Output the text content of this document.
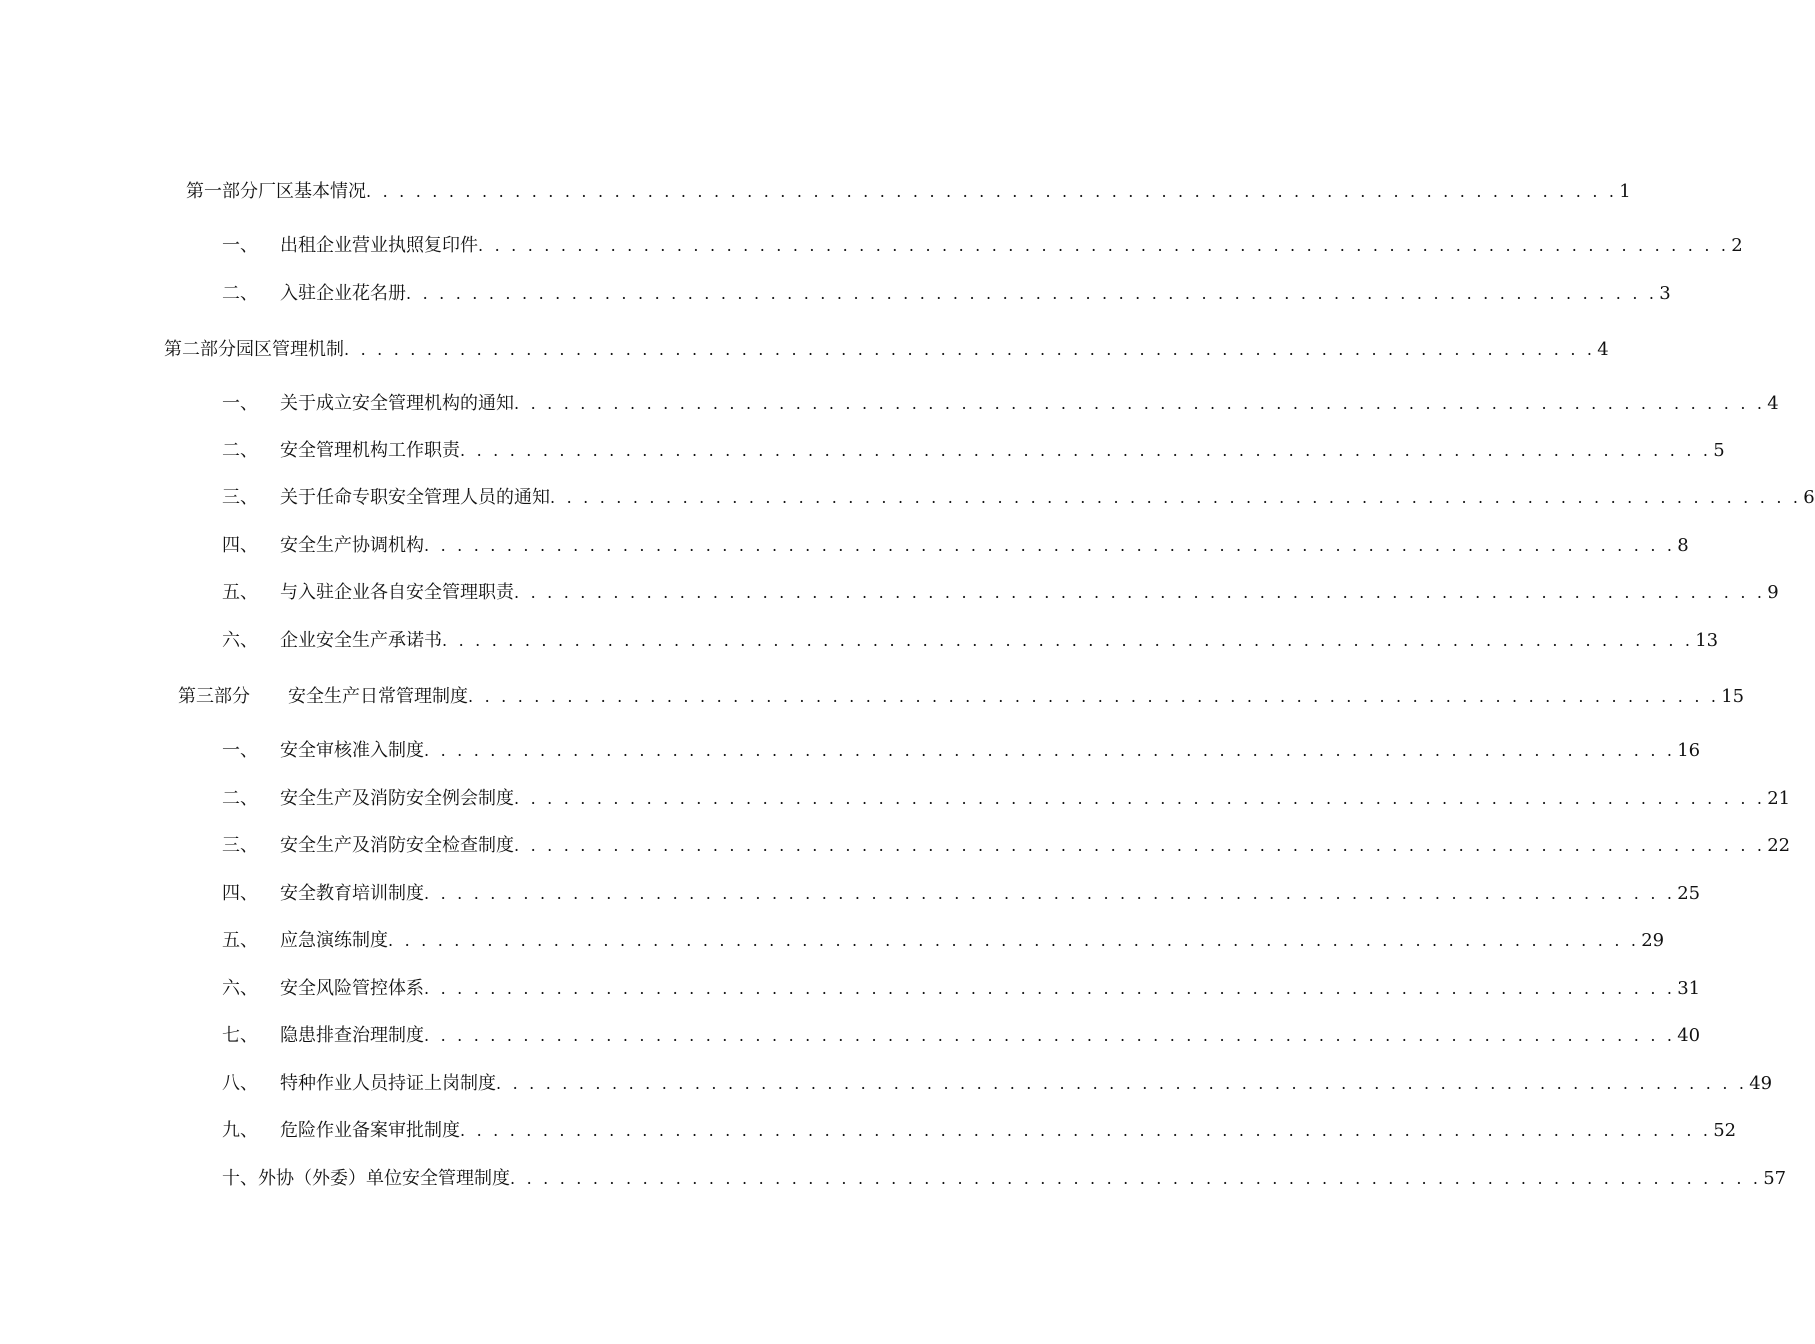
第一部分厂区基本情况 . . . . . . . . . . . . . . . . . . . . . . . . . . . . . . . . . . . . . . . . . . . . . . . . . . . . . . . . . . . . . . . . . . . . . . . . . . . . 1
一、	出租企业营业执照复印件 . . . . . . . . . . . . . . . . . . . . . . . . . . . . . . . . . . . . . . . . . . . . . . . . . . . . . . . . . . . . . . . . . . . . . . . . . . . . 2
二、	入驻企业花名册 . . . . . . . . . . . . . . . . . . . . . . . . . . . . . . . . . . . . . . . . . . . . . . . . . . . . . . . . . . . . . . . . . . . . . . . . . . . . 3
第二部分园区管理机制 . . . . . . . . . . . . . . . . . . . . . . . . . . . . . . . . . . . . . . . . . . . . . . . . . . . . . . . . . . . . . . . . . . . . . . . . . . . . 4
一、	关于成立安全管理机构的通知 . . . . . . . . . . . . . . . . . . . . . . . . . . . . . . . . . . . . . . . . . . . . . . . . . . . . . . . . . . . . . . . . . . . . . . . . . . . . 4
二、	安全管理机构工作职责 . . . . . . . . . . . . . . . . . . . . . . . . . . . . . . . . . . . . . . . . . . . . . . . . . . . . . . . . . . . . . . . . . . . . . . . . . . . . 5
三、	关于任命专职安全管理人员的通知 . . . . . . . . . . . . . . . . . . . . . . . . . . . . . . . . . . . . . . . . . . . . . . . . . . . . . . . . . . . . . . . . . . . . . . . . . . . . 6
四、	安全生产协调机构 . . . . . . . . . . . . . . . . . . . . . . . . . . . . . . . . . . . . . . . . . . . . . . . . . . . . . . . . . . . . . . . . . . . . . . . . . . . . 8
五、	与入驻企业各自安全管理职责 . . . . . . . . . . . . . . . . . . . . . . . . . . . . . . . . . . . . . . . . . . . . . . . . . . . . . . . . . . . . . . . . . . . . . . . . . . . . 9
六、	企业安全生产承诺书 . . . . . . . . . . . . . . . . . . . . . . . . . . . . . . . . . . . . . . . . . . . . . . . . . . . . . . . . . . . . . . . . . . . . . . . . . . . . 13
第三部分	安全生产日常管理制度 . . . . . . . . . . . . . . . . . . . . . . . . . . . . . . . . . . . . . . . . . . . . . . . . . . . . . . . . . . . . . . . . . . . . . . . . . . . . 15
一、	安全审核准入制度 . . . . . . . . . . . . . . . . . . . . . . . . . . . . . . . . . . . . . . . . . . . . . . . . . . . . . . . . . . . . . . . . . . . . . . . . . . . . 16
二、	安全生产及消防安全例会制度 . . . . . . . . . . . . . . . . . . . . . . . . . . . . . . . . . . . . . . . . . . . . . . . . . . . . . . . . . . . . . . . . . . . . . . . . . . . . 21
三、	安全生产及消防安全检查制度 . . . . . . . . . . . . . . . . . . . . . . . . . . . . . . . . . . . . . . . . . . . . . . . . . . . . . . . . . . . . . . . . . . . . . . . . . . . . 22
四、	安全教育培训制度 . . . . . . . . . . . . . . . . . . . . . . . . . . . . . . . . . . . . . . . . . . . . . . . . . . . . . . . . . . . . . . . . . . . . . . . . . . . . 25
五、	应急演练制度 . . . . . . . . . . . . . . . . . . . . . . . . . . . . . . . . . . . . . . . . . . . . . . . . . . . . . . . . . . . . . . . . . . . . . . . . . . . . 29
六、	安全风险管控体系 . . . . . . . . . . . . . . . . . . . . . . . . . . . . . . . . . . . . . . . . . . . . . . . . . . . . . . . . . . . . . . . . . . . . . . . . . . . . 31
七、	隐患排查治理制度 . . . . . . . . . . . . . . . . . . . . . . . . . . . . . . . . . . . . . . . . . . . . . . . . . . . . . . . . . . . . . . . . . . . . . . . . . . . . 40
八、	特种作业人员持证上岗制度 . . . . . . . . . . . . . . . . . . . . . . . . . . . . . . . . . . . . . . . . . . . . . . . . . . . . . . . . . . . . . . . . . . . . . . . . . . . . 49
九、	危险作业备案审批制度 . . . . . . . . . . . . . . . . . . . . . . . . . . . . . . . . . . . . . . . . . . . . . . . . . . . . . . . . . . . . . . . . . . . . . . . . . . . . 52
十、 外协（外委）单位安全管理制度 . . . . . . . . . . . . . . . . . . . . . . . . . . . . . . . . . . . . . . . . . . . . . . . . . . . . . . . . . . . . . . . . . . . . . . . . . . . . 57
